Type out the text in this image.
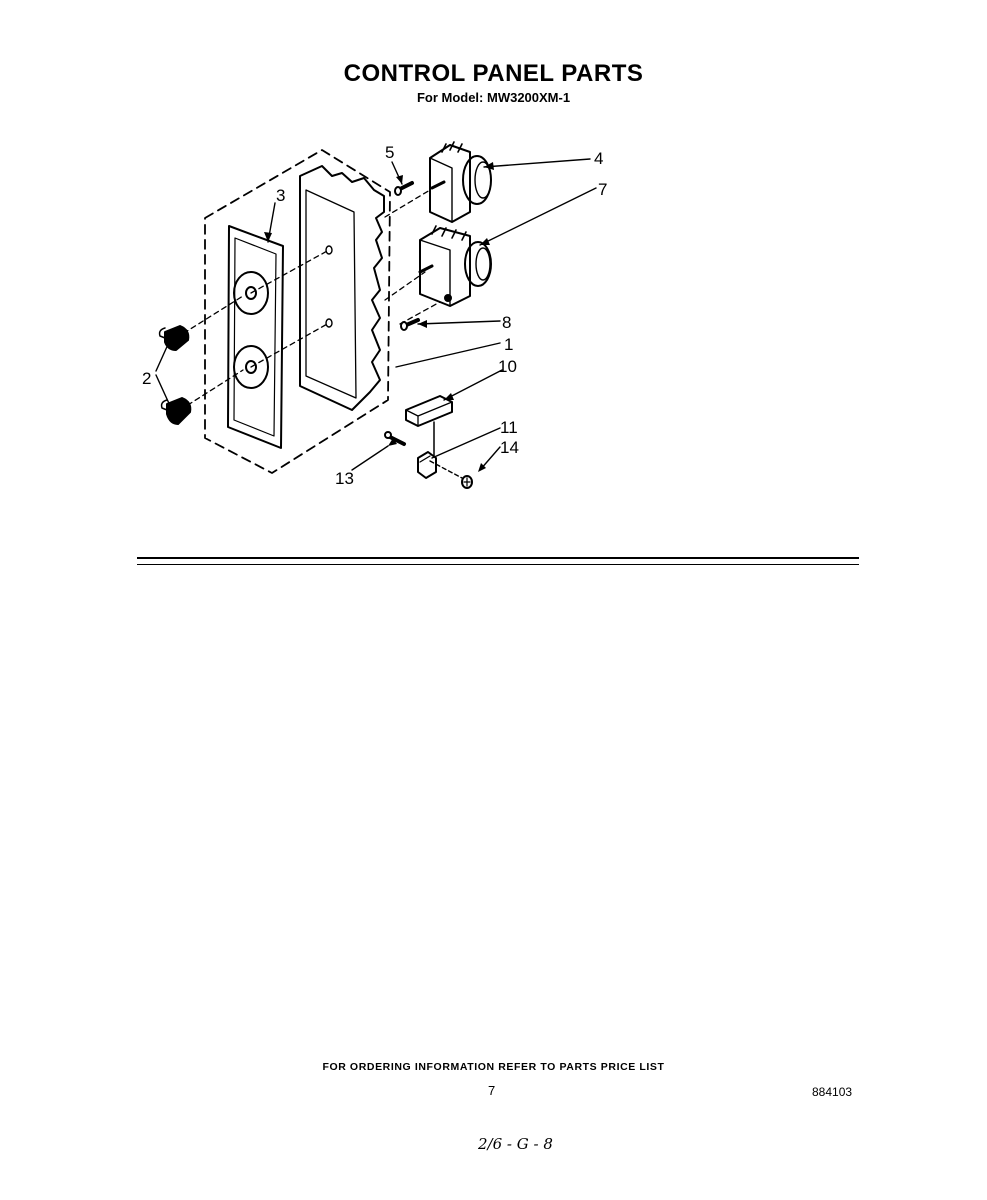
CONTROL PANEL PARTS
For Model: MW3200XM-1
3
2
5	4
7
8
1
10
11
14
13
FOR ORDERING INFORMATION REFER TO PARTS PRICE LIST
7	884103
2/6 - G - 8
